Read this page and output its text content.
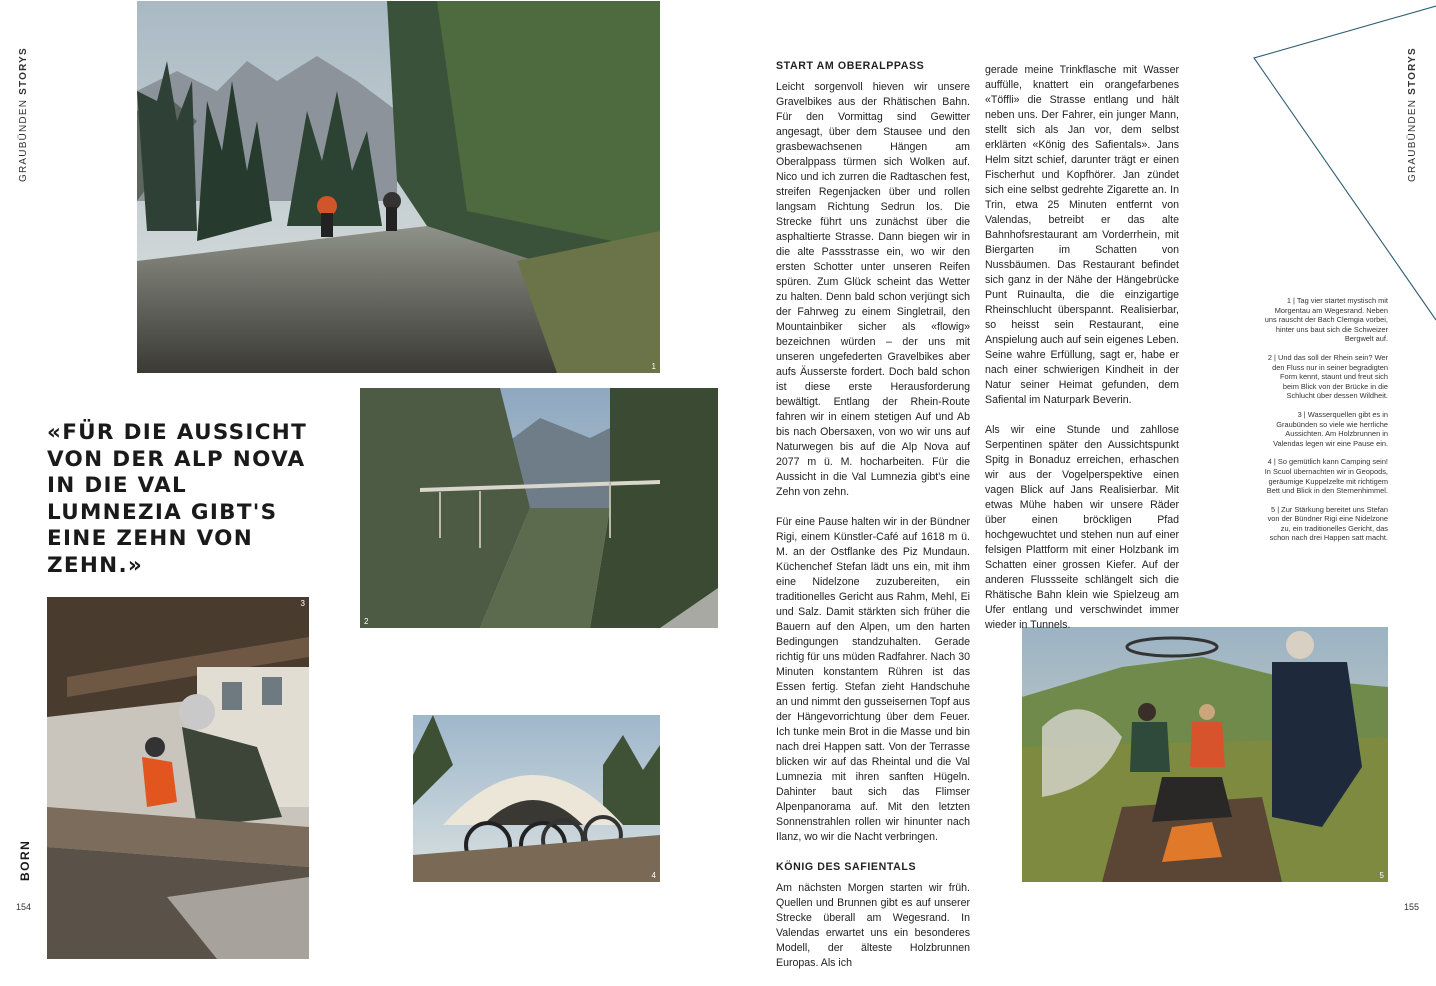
GRAUBÜNDEN STORYS
GRAUBÜNDEN STORYS
1
2
3
4	5
«FÜR DIE AUSSICHT VON DER ALP NOVA IN DIE VAL LUMNEZIA GIBT'S EINE ZEHN VON ZEHN.»
START AM OBERALPPASS

Leicht sorgenvoll hieven wir unsere Gravelbikes aus der Rhätischen Bahn. Für den Vormittag sind Gewitter angesagt, über dem Stausee und den grasbewachsenen Hängen am Oberalppass türmen sich Wolken auf. Nico und ich zurren die Radtaschen fest, streifen Regenjacken über und rollen langsam Richtung Sedrun los. Die Strecke führt uns zunächst über die asphaltierte Strasse. Dann biegen wir in die alte Passstrasse ein, wo wir den ersten Schotter unter unseren Reifen spüren. Zum Glück scheint das Wetter zu halten. Denn bald schon verjüngt sich der Fahrweg zu einem Singletrail, den Mountainbiker sicher als «flowig» bezeichnen würden – der uns mit unseren ungefederten Gravelbikes aber aufs Äusserste fordert. Doch bald schon ist diese erste Herausforderung bewältigt. Entlang der Rhein-Route fahren wir in einem stetigen Auf und Ab bis nach Obersaxen, von wo wir uns auf Naturwegen bis auf die Alp Nova auf 2077 m ü. M. hocharbeiten. Für die Aussicht in die Val Lumnezia gibt's eine Zehn von zehn.

Für eine Pause halten wir in der Bündner Rigi, einem Künstler-Café auf 1618 m ü. M. an der Ostflanke des Piz Mundaun. Küchenchef Stefan lädt uns ein, mit ihm eine Nidelzone zuzubereiten, ein traditionelles Gericht aus Rahm, Mehl, Ei und Salz. Damit stärkten sich früher die Bauern auf den Alpen, um den harten Bedingungen standzuhalten. Gerade richtig für uns müden Radfahrer. Nach 30 Minuten konstantem Rühren ist das Essen fertig. Stefan zieht Handschuhe an und nimmt den gusseisernen Topf aus der Hängevorrichtung über dem Feuer. Ich tunke mein Brot in die Masse und bin nach drei Happen satt. Von der Terrasse blicken wir auf das Rheintal und die Val Lumnezia mit ihren sanften Hügeln. Dahinter baut sich das Flimser Alpenpanorama auf. Mit den letzten Sonnenstrahlen rollen wir hinunter nach Ilanz, wo wir die Nacht verbringen.

KÖNIG DES SAFIENTALS

Am nächsten Morgen starten wir früh. Quellen und Brunnen gibt es auf unserer Strecke überall am Wegesrand. In Valendas erwartet uns ein besonderes Modell, der älteste Holzbrunnen Europas. Als ich

gerade meine Trinkflasche mit Wasser auffülle, knattert ein orangefarbenes «Töffli» die Strasse entlang und hält neben uns. Der Fahrer, ein junger Mann, stellt sich als Jan vor, dem selbst erklärten «König des Safientals». Jans Helm sitzt schief, darunter trägt er einen Fischerhut und Kopfhörer. Jan zündet sich eine selbst gedrehte Zigarette an. In Trin, etwa 25 Minuten entfernt von Valendas, betreibt er das alte Bahnhofsrestaurant am Vorderrhein, mit Biergarten im Schatten von Nussbäumen. Das Restaurant befindet sich ganz in der Nähe der Hängebrücke Punt Ruinaulta, die die einzigartige Rheinschlucht überspannt. Realisierbar, so heisst sein Restaurant, eine Anspielung auch auf sein eigenes Leben. Seine wahre Erfüllung, sagt er, habe er nach einer schwierigen Kindheit in der Natur seiner Heimat gefunden, dem Safiental im Naturpark Beverin.

Als wir eine Stunde und zahllose Serpentinen später den Aussichtspunkt Spitg in Bonaduz erreichen, erhaschen wir aus der Vogelperspektive einen vagen Blick auf Jans Realisierbar. Mit etwas Mühe haben wir unsere Räder über einen bröckligen Pfad hochgewuchtet und stehen nun auf einer felsigen Plattform mit einer Holzbank im Schatten einer grossen Kiefer. Auf der anderen Flussseite schlängelt sich die Rhätische Bahn klein wie Spielzeug am Ufer entlang und verschwindet immer wieder in Tunnels.

1 | Tag vier startet mystisch mit Morgentau am Wegesrand. Neben uns rauscht der Bach Clemgia vorbei, hinter uns baut sich die Schweizer Bergwelt auf.

2 | Und das soll der Rhein sein? Wer den Fluss nur in seiner begradigten Form kennt, staunt und freut sich beim Blick von der Brücke in die Schlucht über dessen Wildheit.

3 | Wasserquellen gibt es in Graubünden so viele wie herrliche Aussichten. Am Holzbrunnen in Valendas legen wir eine Pause ein.

4 | So gemütlich kann Camping sein! In Scuol übernachten wir in Geopods, geräumige Kuppelzelte mit richtigem Bett und Blick in den Sternenhimmel.

5 | Zur Stärkung bereitet uns Stefan von der Bündner Rigi eine Nidelzone zu, ein traditionelles Gericht, das schon nach drei Happen satt macht.

BORN
154	155
